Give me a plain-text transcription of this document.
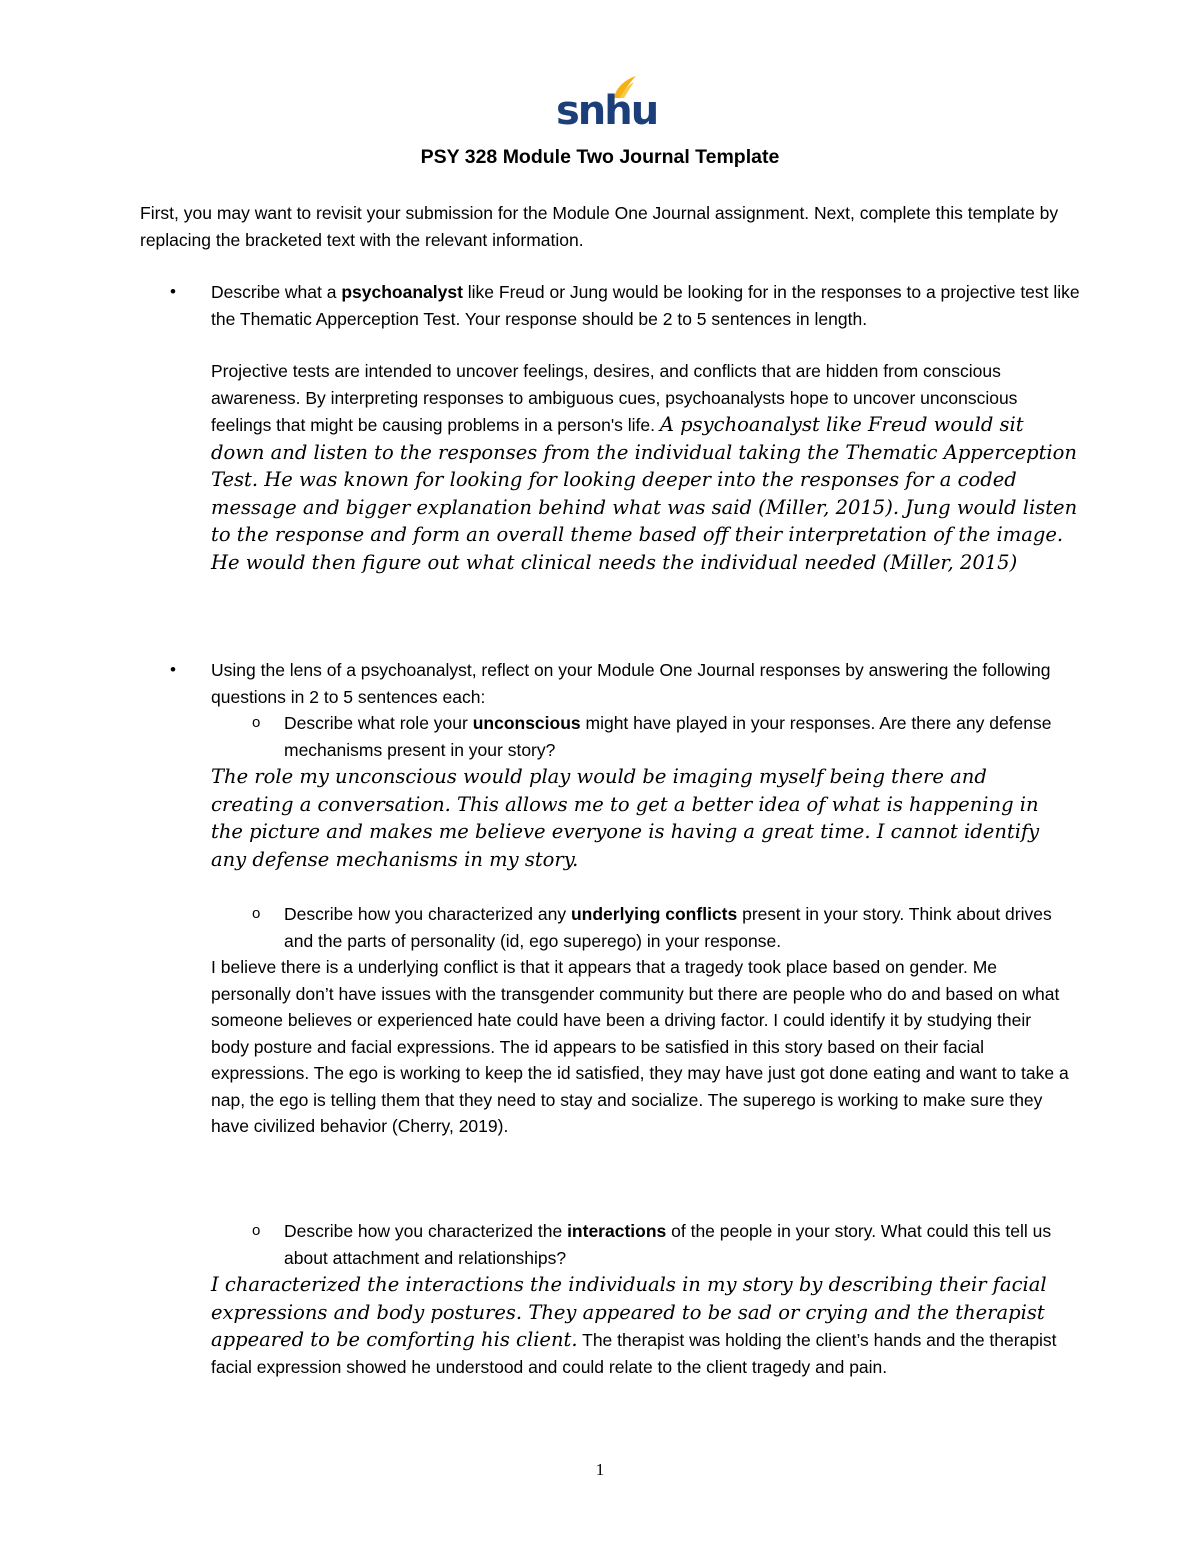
snhu
PSY 328 Module Two Journal Template

First, you may want to revisit your submission for the Module One Journal assignment. Next, complete this template by replacing the bracketed text with the relevant information.

• Describe what a psychoanalyst like Freud or Jung would be looking for in the responses to a projective test like the Thematic Apperception Test. Your response should be 2 to 5 sentences in length.

Projective tests are intended to uncover feelings, desires, and conflicts that are hidden from conscious awareness. By interpreting responses to ambiguous cues, psychoanalysts hope to uncover unconscious feelings that might be causing problems in a person's life. A psychoanalyst like Freud would sit down and listen to the responses from the individual taking the Thematic Apperception Test. He was known for looking for looking deeper into the responses for a coded message and bigger explanation behind what was said (Miller, 2015). Jung would listen to the response and form an overall theme based off their interpretation of the image. He would then figure out what clinical needs the individual needed (Miller, 2015)

• Using the lens of a psychoanalyst, reflect on your Module One Journal responses by answering the following questions in 2 to 5 sentences each:

o Describe what role your unconscious might have played in your responses. Are there any defense mechanisms present in your story?

The role my unconscious would play would be imaging myself being there and creating a conversation. This allows me to get a better idea of what is happening in the picture and makes me believe everyone is having a great time. I cannot identify any defense mechanisms in my story.

o Describe how you characterized any underlying conflicts present in your story. Think about drives and the parts of personality (id, ego superego) in your response.

I believe there is a underlying conflict is that it appears that a tragedy took place based on gender. Me personally don’t have issues with the transgender community but there are people who do and based on what someone believes or experienced hate could have been a driving factor. I could identify it by studying their body posture and facial expressions. The id appears to be satisfied in this story based on their facial expressions. The ego is working to keep the id satisfied, they may have just got done eating and want to take a nap, the ego is telling them that they need to stay and socialize. The superego is working to make sure they have civilized behavior (Cherry, 2019).

o Describe how you characterized the interactions of the people in your story. What could this tell us about attachment and relationships?

I characterized the interactions the individuals in my story by describing their facial expressions and body postures. They appeared to be sad or crying and the therapist appeared to be comforting his client. The therapist was holding the client’s hands and the therapist facial expression showed he understood and could relate to the client tragedy and pain.

1
